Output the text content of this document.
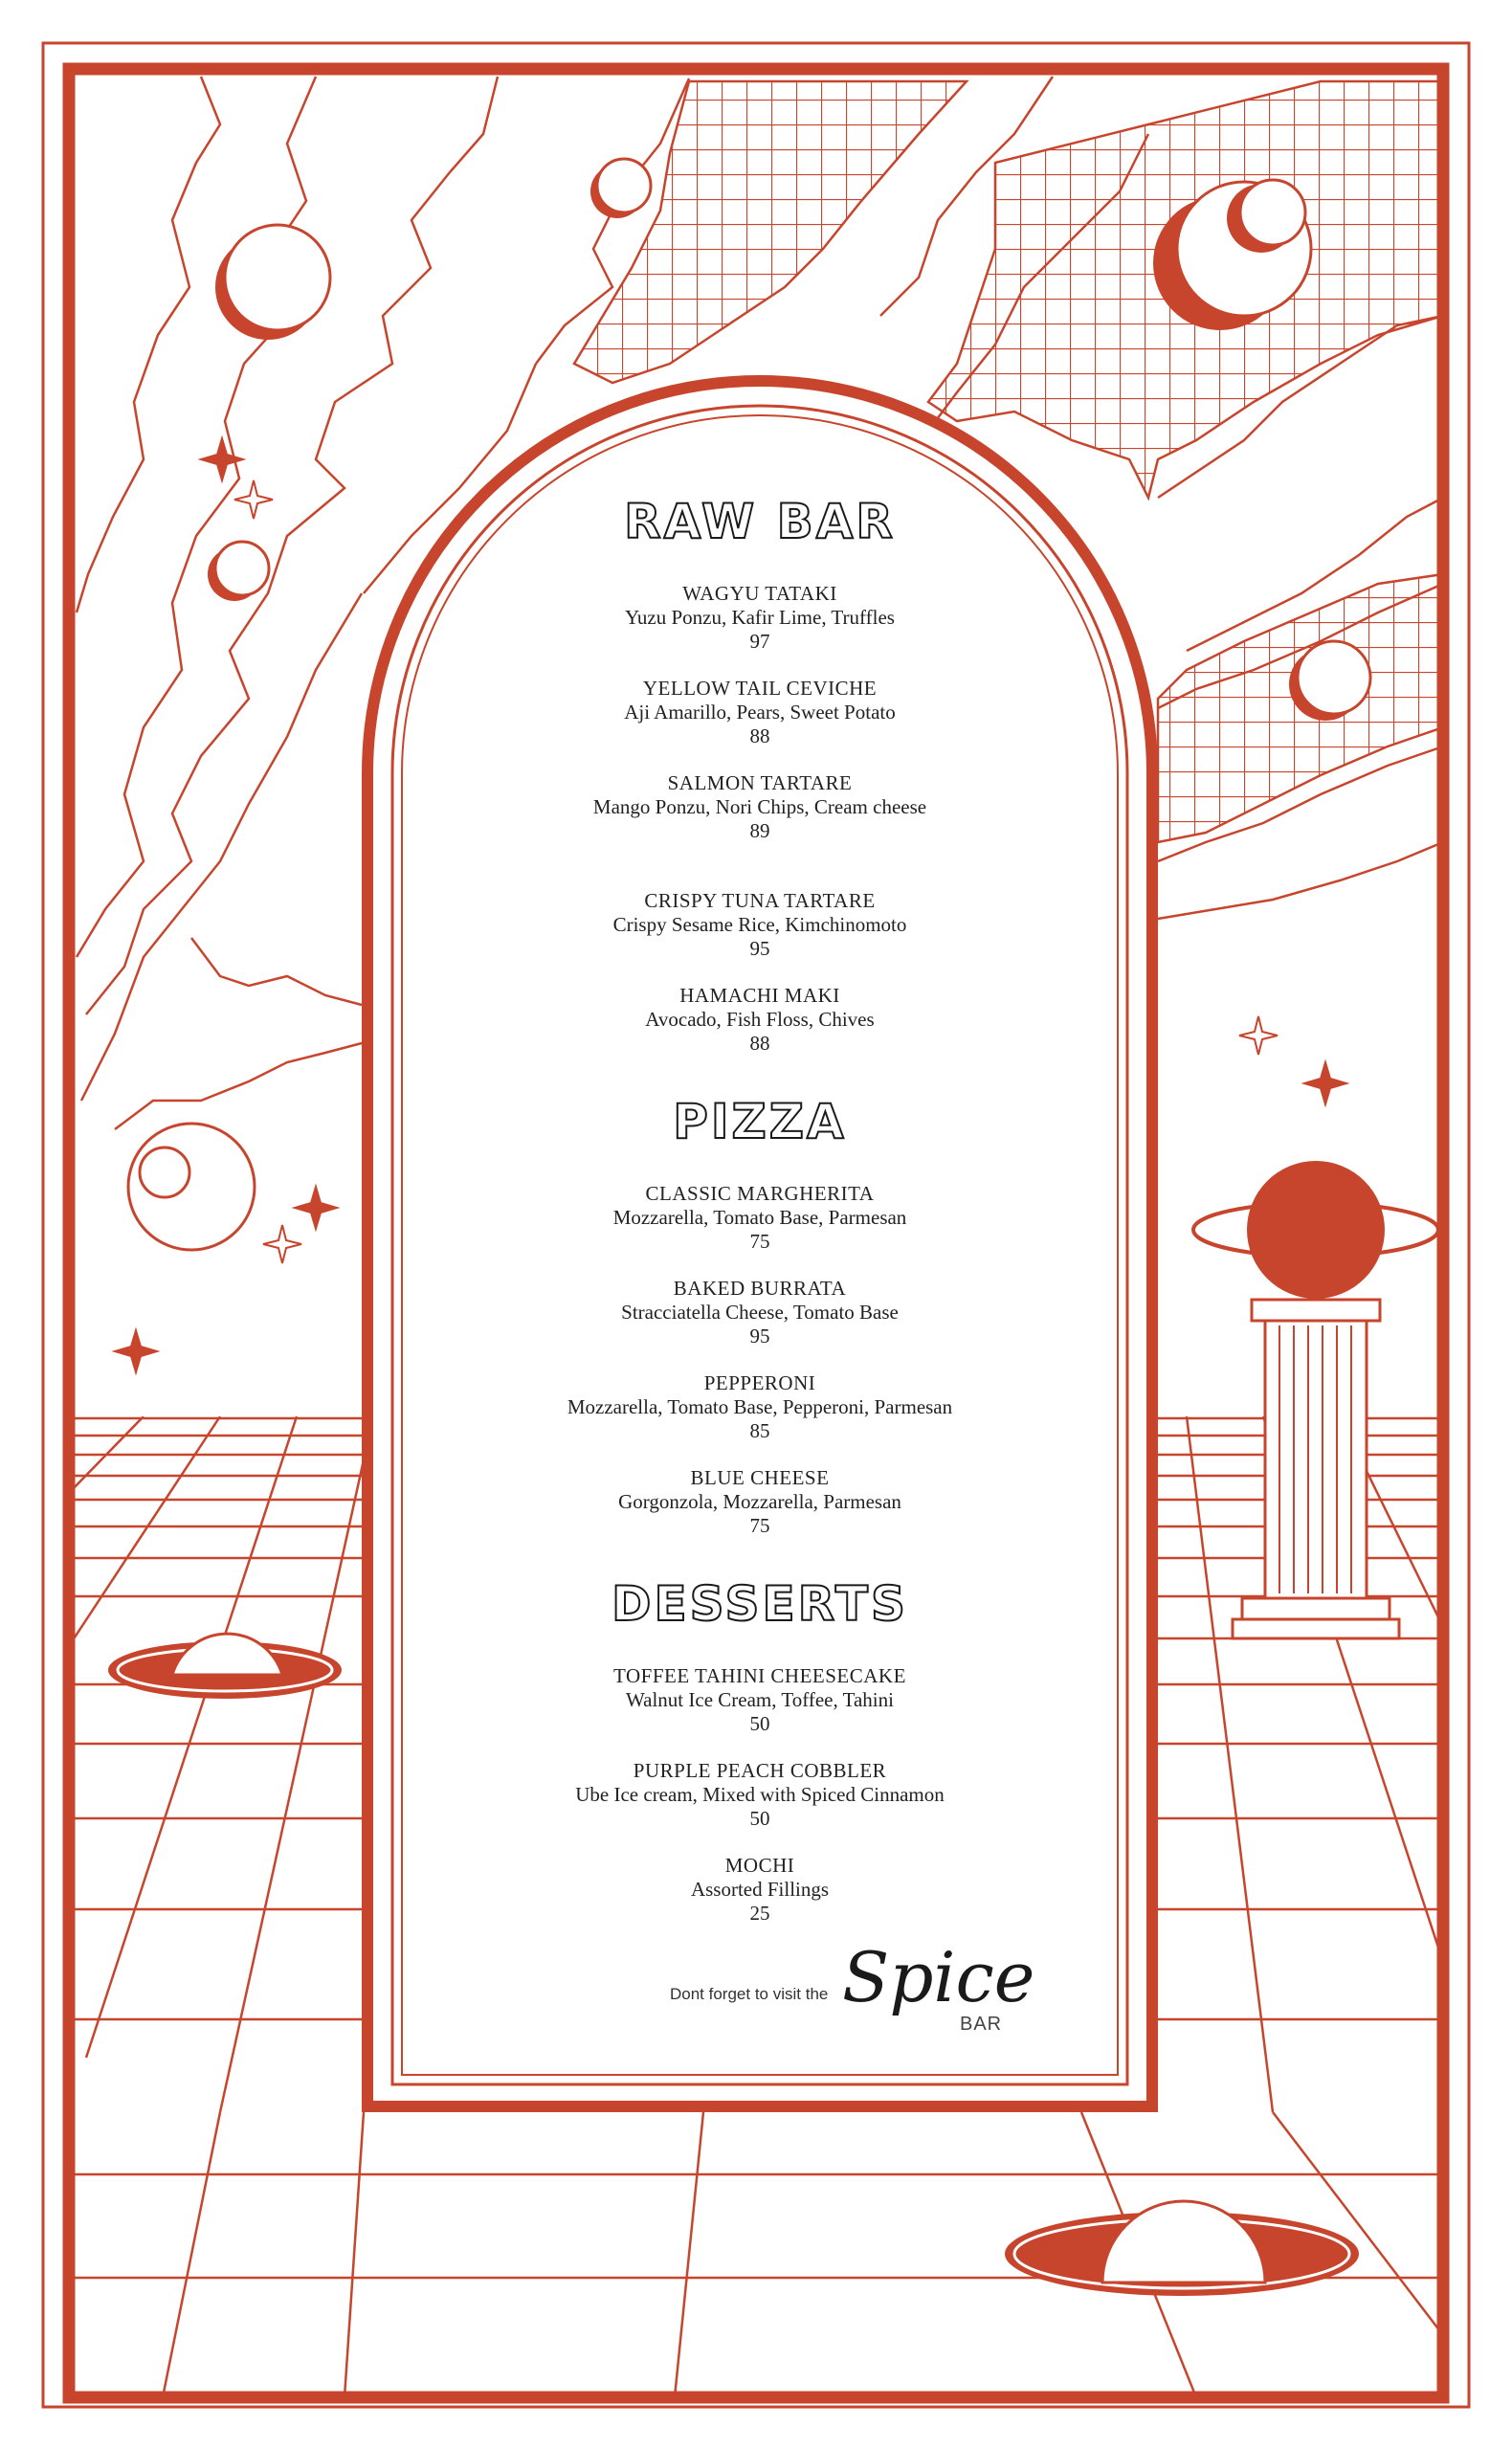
RAW BAR
WAGYU TATAKI
Yuzu Ponzu, Kafir Lime, Truffles
97
YELLOW TAIL CEVICHE
Aji Amarillo, Pears, Sweet Potato
88
SALMON TARTARE
Mango Ponzu, Nori Chips, Cream cheese
89
CRISPY TUNA TARTARE
Crispy Sesame Rice, Kimchinomoto
95
HAMACHI MAKI
Avocado, Fish Floss, Chives
88
PIZZA
CLASSIC MARGHERITA
Mozzarella, Tomato Base, Parmesan
75
BAKED BURRATA
Stracciatella Cheese, Tomato Base
95
PEPPERONI
Mozzarella, Tomato Base, Pepperoni, Parmesan
85
BLUE CHEESE
Gorgonzola, Mozzarella, Parmesan
75
DESSERTS
TOFFEE TAHINI CHEESECAKE
Walnut Ice Cream, Toffee, Tahini
50
PURPLE PEACH COBBLER
Ube Ice cream, Mixed with Spiced Cinnamon
50
MOCHI
Assorted Fillings
25
Dont forget to visit the Spice
BAR
